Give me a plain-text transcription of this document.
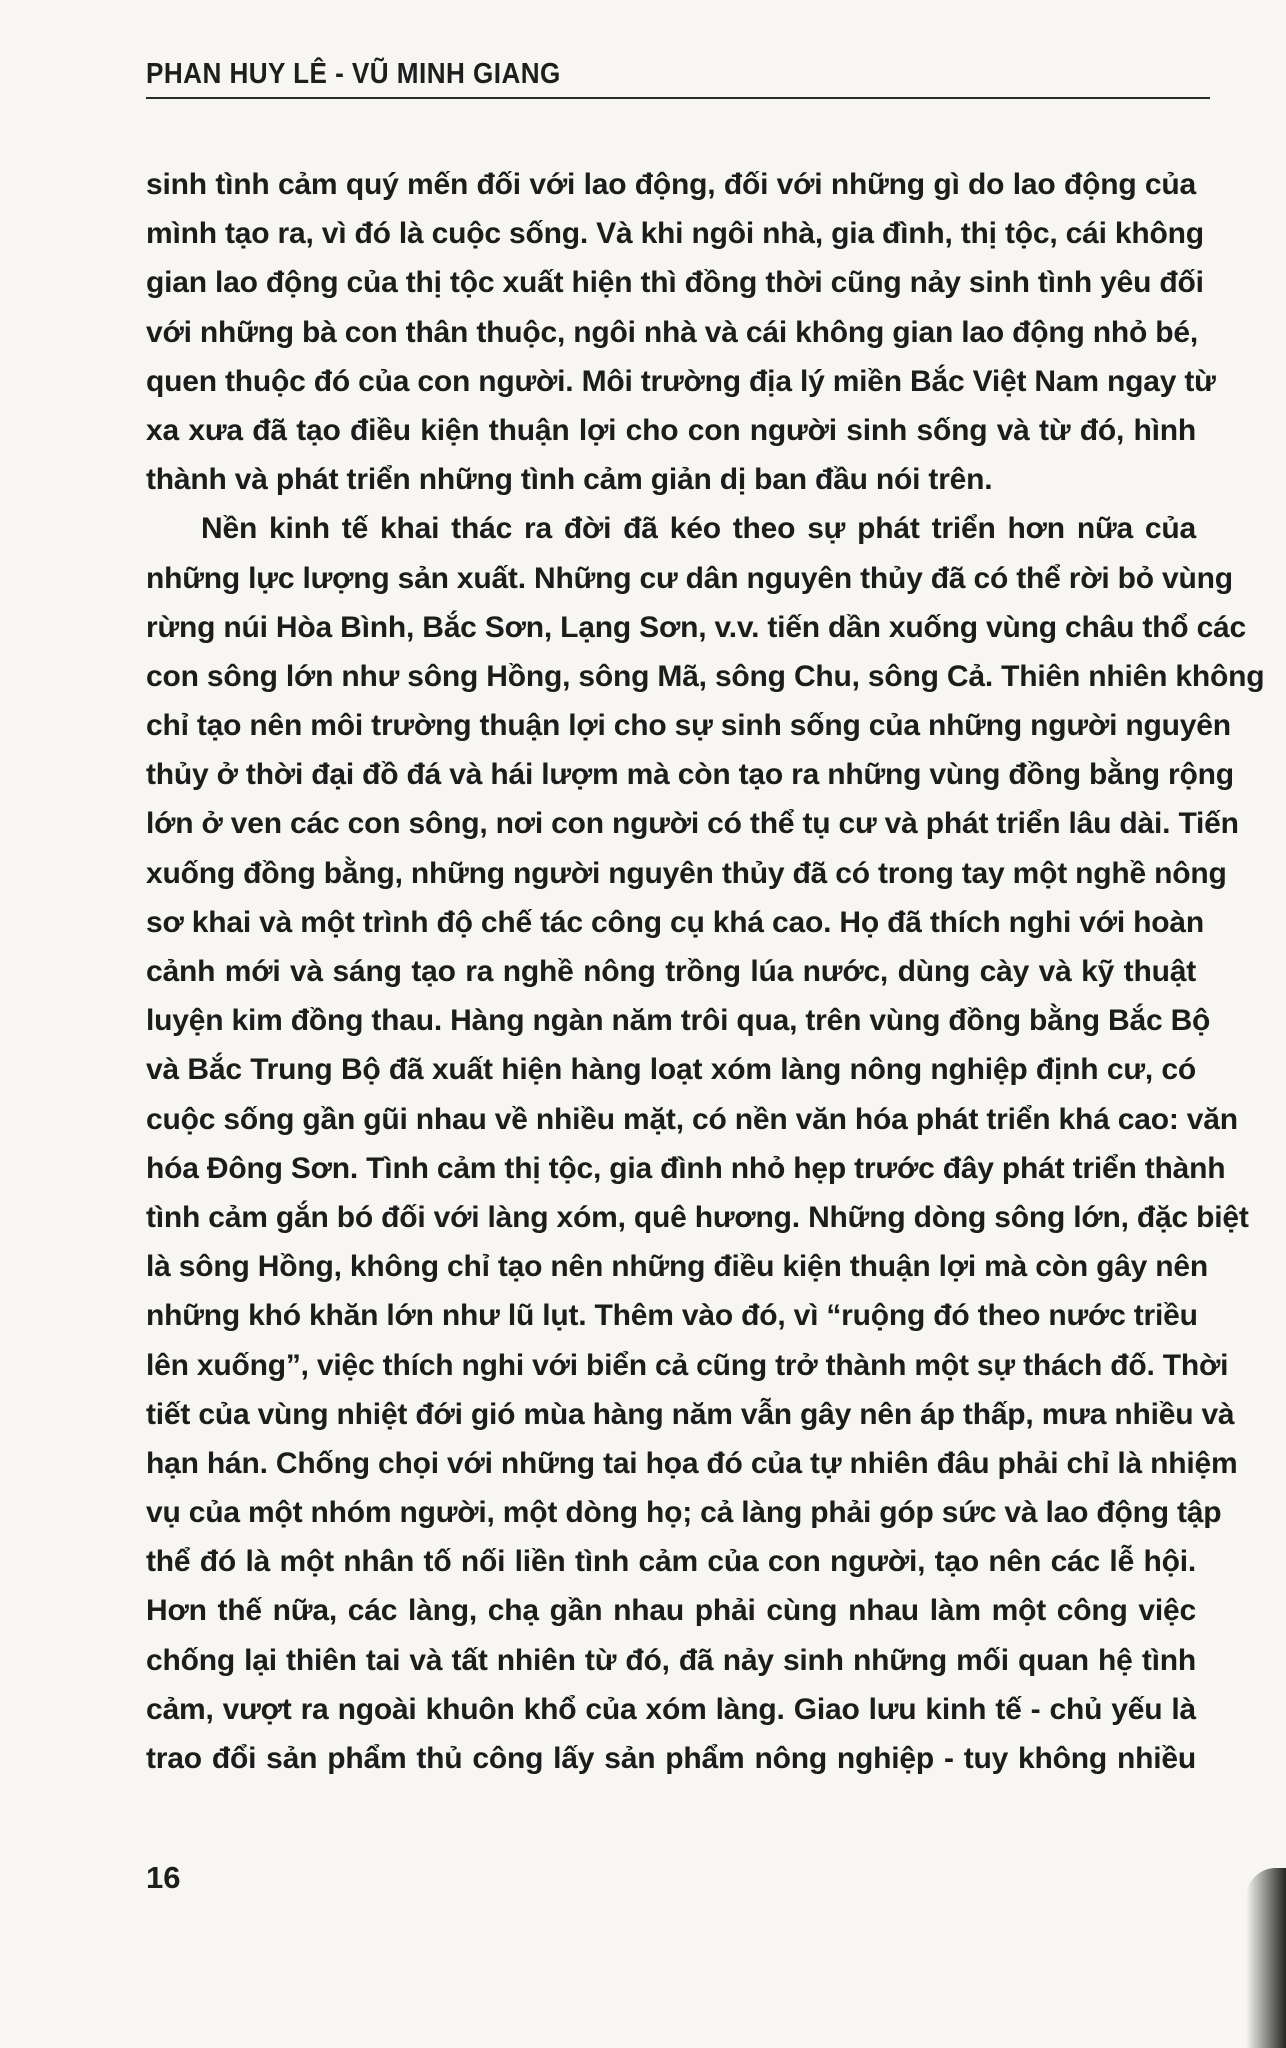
PHAN HUY LÊ - VŨ MINH GIANG
sinh tình cảm quý mến đối với lao động, đối với những gì do lao động của
mình tạo ra, vì đó là cuộc sống. Và khi ngôi nhà, gia đình, thị tộc, cái không
gian lao động của thị tộc xuất hiện thì đồng thời cũng nảy sinh tình yêu đối
với những bà con thân thuộc, ngôi nhà và cái không gian lao động nhỏ bé,
quen thuộc đó của con người. Môi trường địa lý miền Bắc Việt Nam ngay từ
xa xưa đã tạo điều kiện thuận lợi cho con người sinh sống và từ đó, hình
thành và phát triển những tình cảm giản dị ban đầu nói trên.
Nền kinh tế khai thác ra đời đã kéo theo sự phát triển hơn nữa của
những lực lượng sản xuất. Những cư dân nguyên thủy đã có thể rời bỏ vùng
rừng núi Hòa Bình, Bắc Sơn, Lạng Sơn, v.v. tiến dần xuống vùng châu thổ các
con sông lớn như sông Hồng, sông Mã, sông Chu, sông Cả. Thiên nhiên không
chỉ tạo nên môi trường thuận lợi cho sự sinh sống của những người nguyên
thủy ở thời đại đồ đá và hái lượm mà còn tạo ra những vùng đồng bằng rộng
lớn ở ven các con sông, nơi con người có thể tụ cư và phát triển lâu dài. Tiến
xuống đồng bằng, những người nguyên thủy đã có trong tay một nghề nông
sơ khai và một trình độ chế tác công cụ khá cao. Họ đã thích nghi với hoàn
cảnh mới và sáng tạo ra nghề nông trồng lúa nước, dùng cày và kỹ thuật
luyện kim đồng thau. Hàng ngàn năm trôi qua, trên vùng đồng bằng Bắc Bộ
và Bắc Trung Bộ đã xuất hiện hàng loạt xóm làng nông nghiệp định cư, có
cuộc sống gần gũi nhau về nhiều mặt, có nền văn hóa phát triển khá cao: văn
hóa Đông Sơn. Tình cảm thị tộc, gia đình nhỏ hẹp trước đây phát triển thành
tình cảm gắn bó đối với làng xóm, quê hương. Những dòng sông lớn, đặc biệt
là sông Hồng, không chỉ tạo nên những điều kiện thuận lợi mà còn gây nên
những khó khăn lớn như lũ lụt. Thêm vào đó, vì “ruộng đó theo nước triều
lên xuống”, việc thích nghi với biển cả cũng trở thành một sự thách đố. Thời
tiết của vùng nhiệt đới gió mùa hàng năm vẫn gây nên áp thấp, mưa nhiều và
hạn hán. Chống chọi với những tai họa đó của tự nhiên đâu phải chỉ là nhiệm
vụ của một nhóm người, một dòng họ; cả làng phải góp sức và lao động tập
thể đó là một nhân tố nối liền tình cảm của con người, tạo nên các lễ hội.
Hơn thế nữa, các làng, chạ gần nhau phải cùng nhau làm một công việc
chống lại thiên tai và tất nhiên từ đó, đã nảy sinh những mối quan hệ tình
cảm, vượt ra ngoài khuôn khổ của xóm làng. Giao lưu kinh tế - chủ yếu là
trao đổi sản phẩm thủ công lấy sản phẩm nông nghiệp - tuy không nhiều
16
